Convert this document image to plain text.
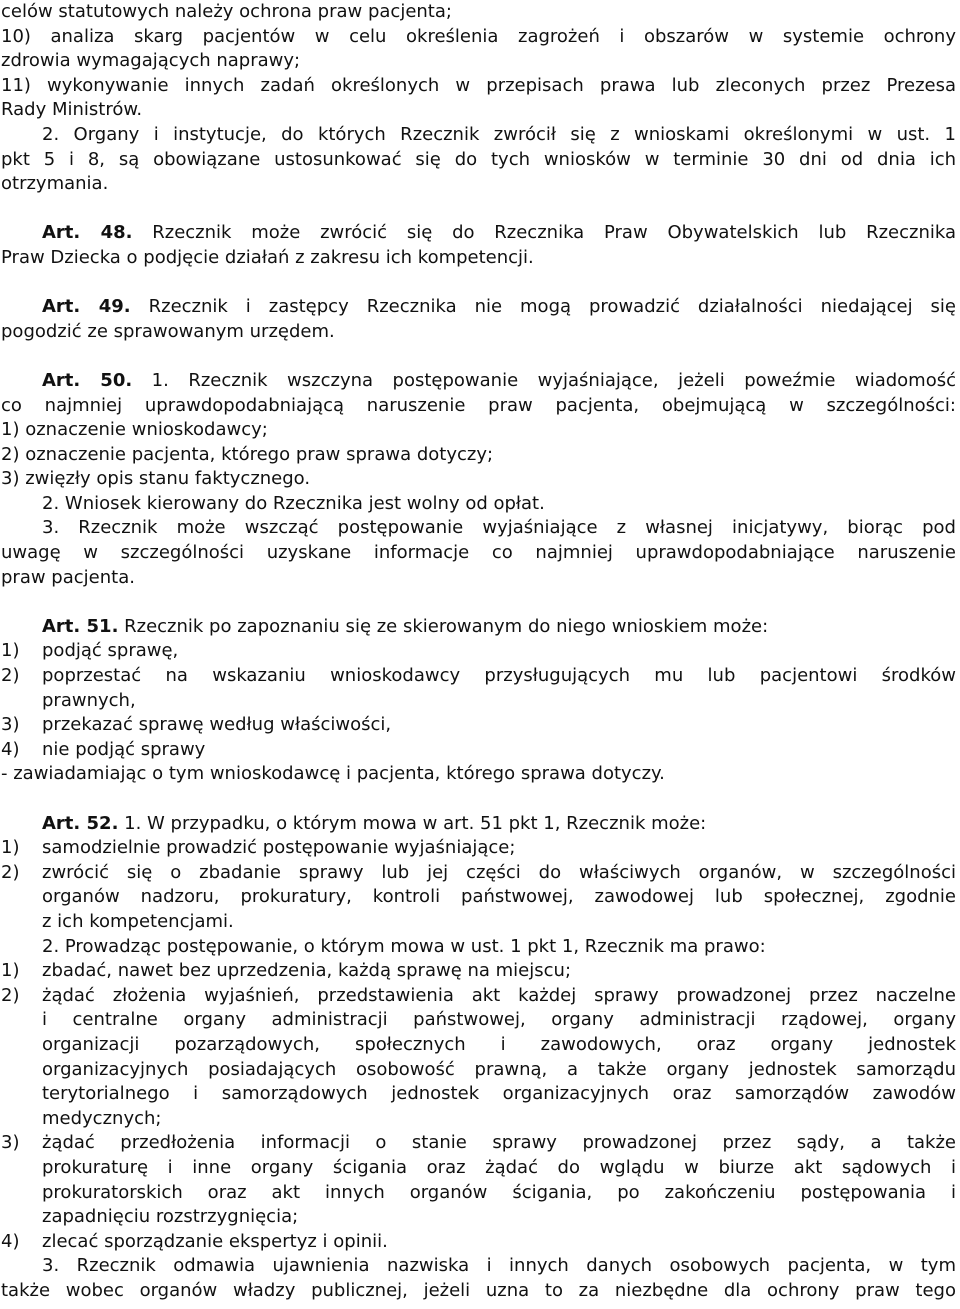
celów statutowych należy ochrona praw pacjenta;
10) analiza skarg pacjentów w celu określenia zagrożeń i obszarów w systemie ochrony
zdrowia wymagających naprawy;
11) wykonywanie innych zadań określonych w przepisach prawa lub zleconych przez Prezesa
Rady Ministrów.
2. Organy i instytucje, do których Rzecznik zwrócił się z wnioskami określonymi w ust. 1
pkt 5 i 8, są obowiązane ustosunkować się do tych wniosków w terminie 30 dni od dnia ich
otrzymania.
Art. 48. Rzecznik może zwrócić się do Rzecznika Praw Obywatelskich lub Rzecznika
Praw Dziecka o podjęcie działań z zakresu ich kompetencji.
Art. 49. Rzecznik i zastępcy Rzecznika nie mogą prowadzić działalności niedającej się
pogodzić ze sprawowanym urzędem.
Art. 50. 1. Rzecznik wszczyna postępowanie wyjaśniające, jeżeli poweźmie wiadomość
co najmniej uprawdopodabniającą naruszenie praw pacjenta, obejmującą w szczególności:
1) oznaczenie wnioskodawcy;
2) oznaczenie pacjenta, którego praw sprawa dotyczy;
3) zwięzły opis stanu faktycznego.
2. Wniosek kierowany do Rzecznika jest wolny od opłat.
3. Rzecznik może wszcząć postępowanie wyjaśniające z własnej inicjatywy, biorąc pod
uwagę w szczególności uzyskane informacje co najmniej uprawdopodabniające naruszenie
praw pacjenta.
Art. 51. Rzecznik po zapoznaniu się ze skierowanym do niego wnioskiem może:
1)	podjąć sprawę,
2)	poprzestać na wskazaniu wnioskodawcy przysługujących mu lub pacjentowi środków
prawnych,
3)	przekazać sprawę według właściwości,
4)	nie podjąć sprawy
- zawiadamiając o tym wnioskodawcę i pacjenta, którego sprawa dotyczy.
Art. 52. 1. W przypadku, o którym mowa w art. 51 pkt 1, Rzecznik może:
1)	samodzielnie prowadzić postępowanie wyjaśniające;
2)	zwrócić się o zbadanie sprawy lub jej części do właściwych organów, w szczególności
organów nadzoru, prokuratury, kontroli państwowej, zawodowej lub społecznej, zgodnie
z ich kompetencjami.
2. Prowadząc postępowanie, o którym mowa w ust. 1 pkt 1, Rzecznik ma prawo:
1)	zbadać, nawet bez uprzedzenia, każdą sprawę na miejscu;
2)	żądać złożenia wyjaśnień, przedstawienia akt każdej sprawy prowadzonej przez naczelne
i centralne organy administracji państwowej, organy administracji rządowej, organy
organizacji pozarządowych, społecznych i zawodowych, oraz organy jednostek
organizacyjnych posiadających osobowość prawną, a także organy jednostek samorządu
terytorialnego i samorządowych jednostek organizacyjnych oraz samorządów zawodów
medycznych;
3)	żądać przedłożenia informacji o stanie sprawy prowadzonej przez sądy, a także
prokuraturę i inne organy ścigania oraz żądać do wglądu w biurze akt sądowych i
prokuratorskich oraz akt innych organów ścigania, po zakończeniu postępowania i
zapadnięciu rozstrzygnięcia;
4)	zlecać sporządzanie ekspertyz i opinii.
3. Rzecznik odmawia ujawnienia nazwiska i innych danych osobowych pacjenta, w tym
także wobec organów władzy publicznej, jeżeli uzna to za niezbędne dla ochrony praw tego
